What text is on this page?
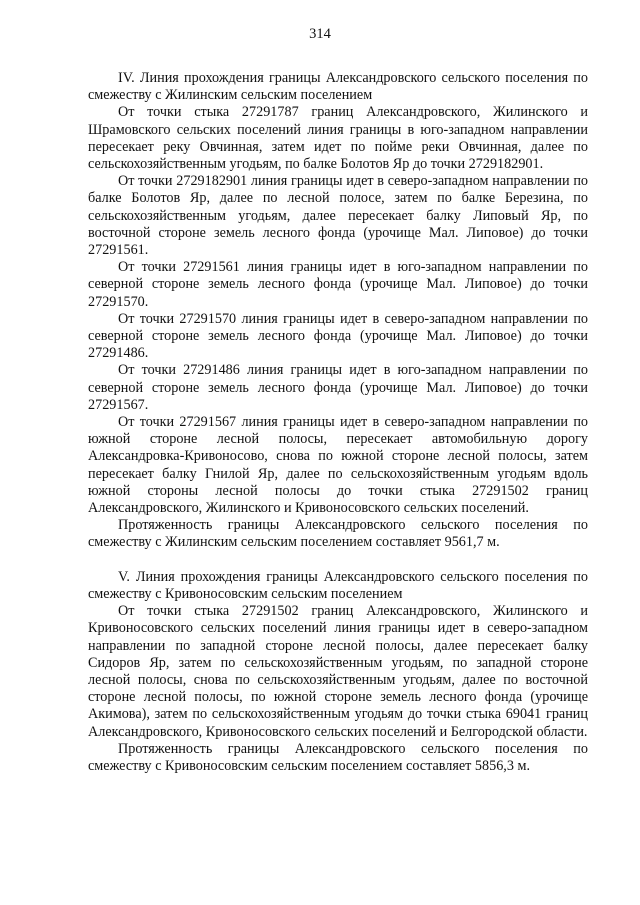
314

IV. Линия прохождения границы Александровского сельского поселения по смежеству с Жилинским сельским поселением

От точки стыка 27291787 границ Александровского, Жилинского и Шрамовского сельских поселений линия границы в юго-западном направлении пересекает реку Овчинная, затем идет по пойме реки Овчинная, далее по сельскохозяйственным угодьям, по балке Болотов Яр до точки 2729182901.

От точки 2729182901 линия границы идет в северо-западном направлении по балке Болотов Яр, далее по лесной полосе, затем по балке Березина, по сельскохозяйственным угодьям, далее пересекает балку Липовый Яр, по восточной стороне земель лесного фонда (урочище Мал. Липовое) до точки 27291561.

От точки 27291561 линия границы идет в юго-западном направлении по северной стороне земель лесного фонда (урочище Мал. Липовое) до точки 27291570.

От точки 27291570 линия границы идет в северо-западном направлении по северной стороне земель лесного фонда (урочище Мал. Липовое) до точки 27291486.

От точки 27291486 линия границы идет в юго-западном направлении по северной стороне земель лесного фонда (урочище Мал. Липовое) до точки 27291567.

От точки 27291567 линия границы идет в северо-западном направлении по южной стороне лесной полосы, пересекает автомобильную дорогу Александровка-Кривоносово, снова по южной стороне лесной полосы, затем пересекает балку Гнилой Яр, далее по сельскохозяйственным угодьям вдоль южной стороны лесной полосы до точки стыка 27291502 границ Александровского, Жилинского и Кривоносовского сельских поселений.

Протяженность границы Александровского сельского поселения по смежеству с Жилинским сельским поселением составляет 9561,7 м.

V. Линия прохождения границы Александровского сельского поселения по смежеству с Кривоносовским сельским поселением

От точки стыка 27291502 границ Александровского, Жилинского и Кривоносовского сельских поселений линия границы идет в северо-западном направлении по западной стороне лесной полосы, далее пересекает балку Сидоров Яр, затем по сельскохозяйственным угодьям, по западной стороне лесной полосы, снова по сельскохозяйственным угодьям, далее по восточной стороне лесной полосы, по южной стороне земель лесного фонда (урочище Акимова), затем по сельскохозяйственным угодьям до точки стыка 69041 границ Александровского, Кривоносовского сельских поселений и Белгородской области.

Протяженность границы Александровского сельского поселения по смежеству с Кривоносовским сельским поселением составляет 5856,3 м.
